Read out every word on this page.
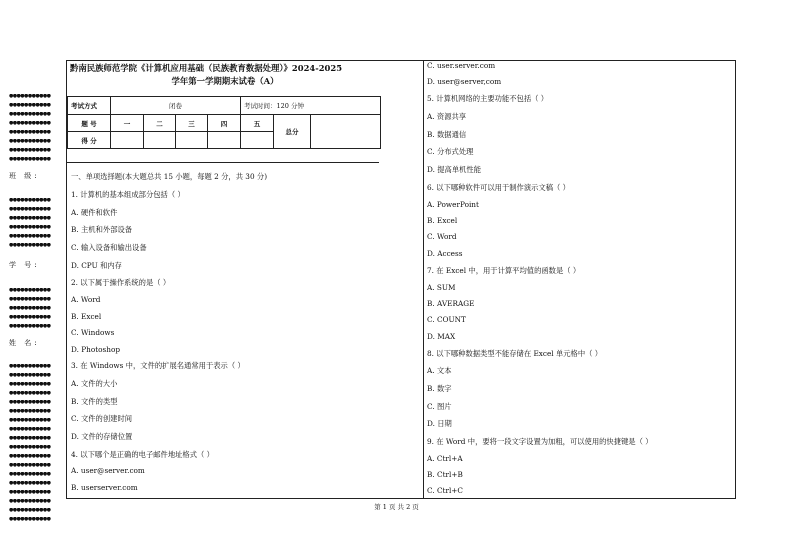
●●●●●●●●●●●
●●●●●●●●●●●
●●●●●●●●●●●
●●●●●●●●●●●
●●●●●●●●●●●
●●●●●●●●●●●
●●●●●●●●●●●
●●●●●●●●●●●
班 级:
●●●●●●●●●●●
●●●●●●●●●●●
●●●●●●●●●●●
●●●●●●●●●●●
●●●●●●●●●●●
●●●●●●●●●●●
学 号:
●●●●●●●●●●●
●●●●●●●●●●●
●●●●●●●●●●●
●●●●●●●●●●●
●●●●●●●●●●●
姓 名:
●●●●●●●●●●●
●●●●●●●●●●●
●●●●●●●●●●●
●●●●●●●●●●●
●●●●●●●●●●●
●●●●●●●●●●●
●●●●●●●●●●●
●●●●●●●●●●●
●●●●●●●●●●●
●●●●●●●●●●●
●●●●●●●●●●●
●●●●●●●●●●●
●●●●●●●●●●●
●●●●●●●●●●●
●●●●●●●●●●●
●●●●●●●●●●●
●●●●●●●●●●●
●●●●●●●●●●●
黔南民族师范学院《计算机应用基础（民族教育数据处理）》2024-2025
学年第一学期期末试卷（A）
考试方式	闭卷	考试时间：120 分钟
题 号	一	二	三	四	五	总分	
得 分							
一、单项选择题(本大题总共 15 小题，每题 2 分，共 30 分)
1. 计算机的基本组成部分包括（ ）
A. 硬件和软件
B. 主机和外部设备
C. 输入设备和输出设备
D. CPU 和内存
2. 以下属于操作系统的是（ ）
A. Word
B. Excel
C. Windows
D. Photoshop
3. 在 Windows 中，文件的扩展名通常用于表示（ ）
A. 文件的大小
B. 文件的类型
C. 文件的创建时间
D. 文件的存储位置
4. 以下哪个是正确的电子邮件地址格式（ ）
A. user@server.com
B. userserver.com
C. user.server.com
D. user@server,com
5. 计算机网络的主要功能不包括（ ）
A. 资源共享
B. 数据通信
C. 分布式处理
D. 提高单机性能
6. 以下哪种软件可以用于制作演示文稿（ ）
A. PowerPoint
B. Excel
C. Word
D. Access
7. 在 Excel 中，用于计算平均值的函数是（ ）
A. SUM
B. AVERAGE
C. COUNT
D. MAX
8. 以下哪种数据类型不能存储在 Excel 单元格中（ ）
A. 文本
B. 数字
C. 图片
D. 日期
9. 在 Word 中，要将一段文字设置为加粗，可以使用的快捷键是（ ）
A. Ctrl+A
B. Ctrl+B
C. Ctrl+C
第 1 页 共 2 页
